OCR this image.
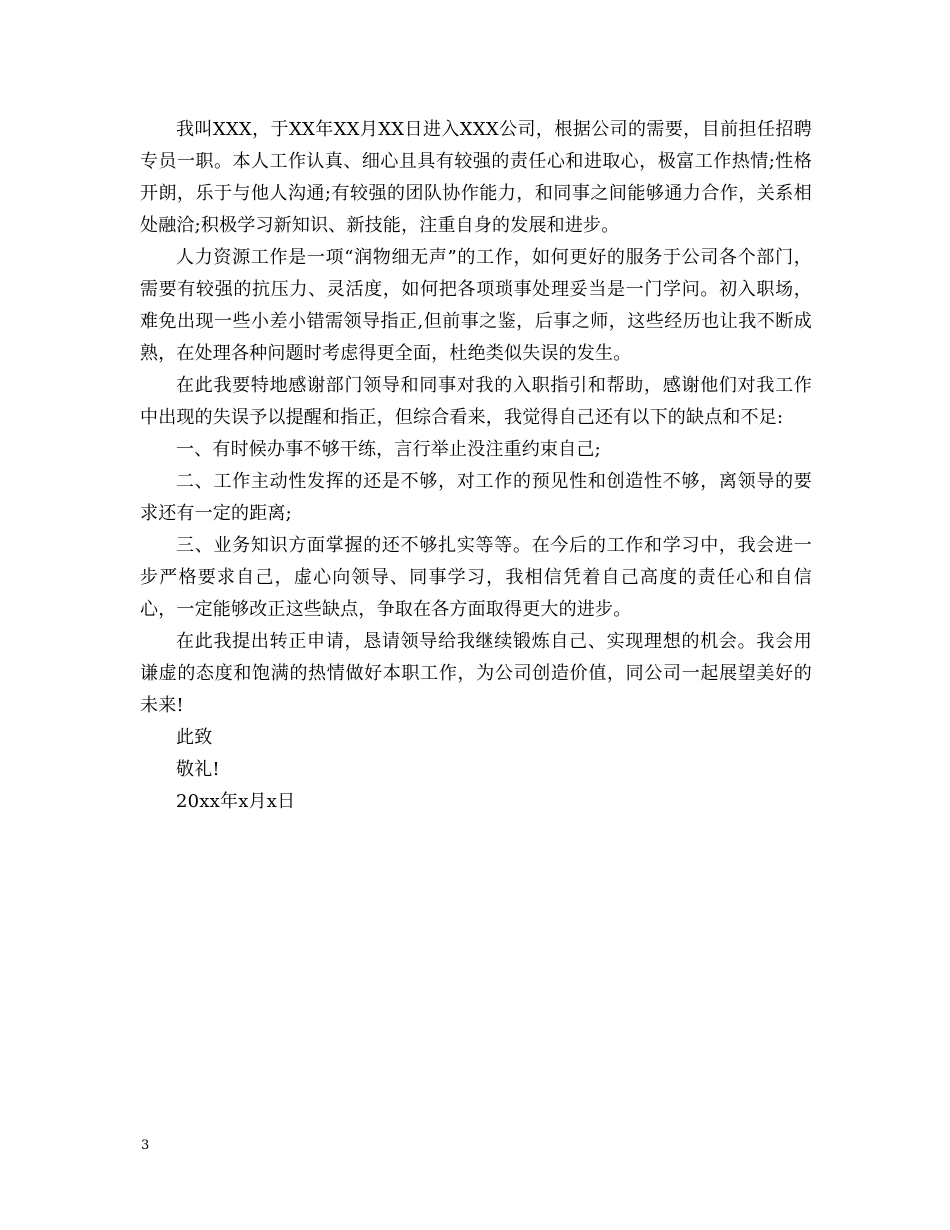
我叫XXX，于XX年XX月XX日进入XXX公司，根据公司的需要，目前担任招聘专员一职。本人工作认真、细心且具有较强的责任心和进取心，极富工作热情;性格开朗，乐于与他人沟通;有较强的团队协作能力，和同事之间能够通力合作，关系相处融洽;积极学习新知识、新技能，注重自身的发展和进步。

人力资源工作是一项“润物细无声”的工作，如何更好的服务于公司各个部门，需要有较强的抗压力、灵活度，如何把各项琐事处理妥当是一门学问。初入职场，难免出现一些小差小错需领导指正,但前事之鉴，后事之师，这些经历也让我不断成熟，在处理各种问题时考虑得更全面，杜绝类似失误的发生。

在此我要特地感谢部门领导和同事对我的入职指引和帮助，感谢他们对我工作中出现的失误予以提醒和指正，但综合看来，我觉得自己还有以下的缺点和不足:

一、有时候办事不够干练，言行举止没注重约束自己;

二、工作主动性发挥的还是不够，对工作的预见性和创造性不够，离领导的要求还有一定的距离;

三、业务知识方面掌握的还不够扎实等等。在今后的工作和学习中，我会进一步严格要求自己，虚心向领导、同事学习，我相信凭着自己高度的责任心和自信心，一定能够改正这些缺点，争取在各方面取得更大的进步。

在此我提出转正申请，恳请领导给我继续锻炼自己、实现理想的机会。我会用谦虚的态度和饱满的热情做好本职工作，为公司创造价值，同公司一起展望美好的未来!

此致

敬礼!

20xx年x月x日

3
